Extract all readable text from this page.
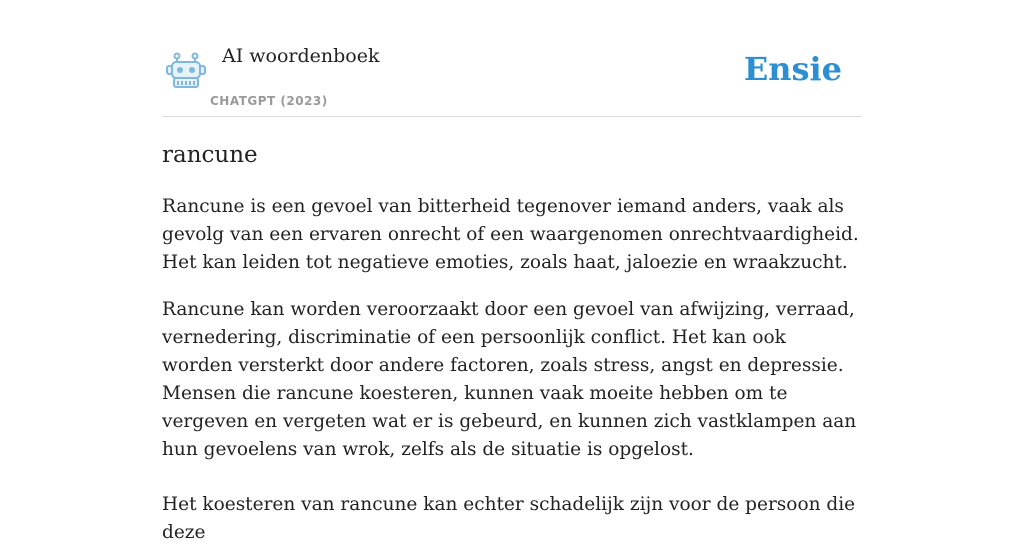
AI woordenboek
CHATGPT (2023)
Ensie
rancune

Rancune is een gevoel van bitterheid tegenover iemand anders, vaak als gevolg van een ervaren onrecht of een waargenomen onrechtvaardigheid. Het kan leiden tot negatieve emoties, zoals haat, jaloezie en wraakzucht.

Rancune kan worden veroorzaakt door een gevoel van afwijzing, verraad, vernedering, discriminatie of een persoonlijk conflict. Het kan ook worden versterkt door andere factoren, zoals stress, angst en depressie. Mensen die rancune koesteren, kunnen vaak moeite hebben om te vergeven en vergeten wat er is gebeurd, en kunnen zich vastklampen aan hun gevoelens van wrok, zelfs als de situatie is opgelost.

Het koesteren van rancune kan echter schadelijk zijn voor de persoon die deze
